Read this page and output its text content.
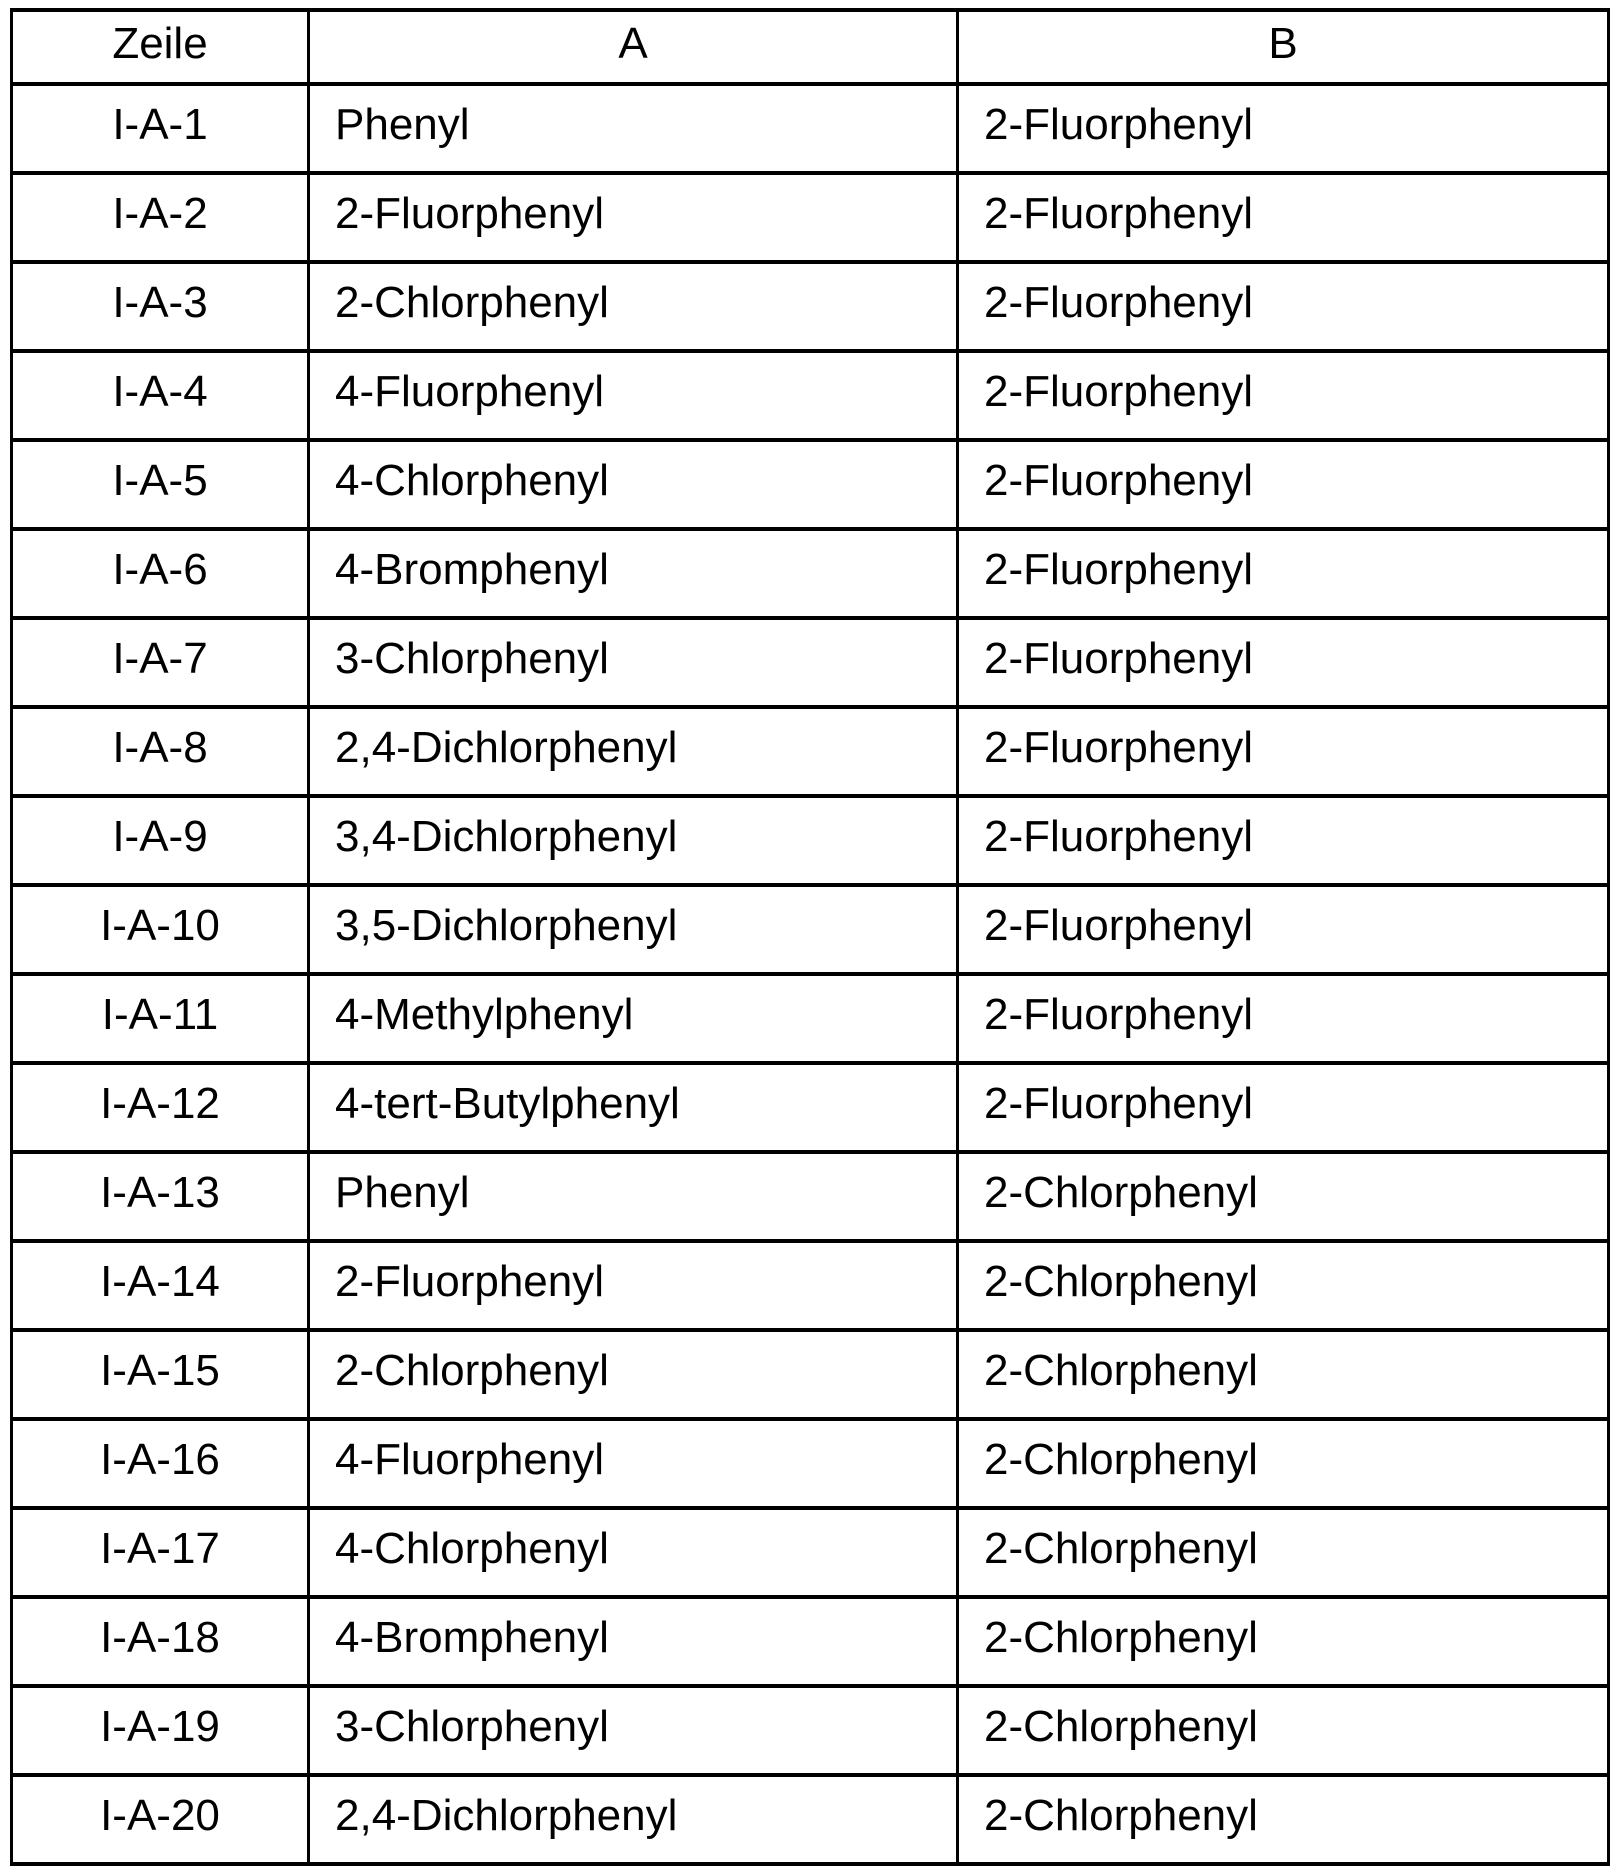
Zeile	A	B
I-A-1	Phenyl	2-Fluorphenyl
I-A-2	2-Fluorphenyl	2-Fluorphenyl
I-A-3	2-Chlorphenyl	2-Fluorphenyl
I-A-4	4-Fluorphenyl	2-Fluorphenyl
I-A-5	4-Chlorphenyl	2-Fluorphenyl
I-A-6	4-Bromphenyl	2-Fluorphenyl
I-A-7	3-Chlorphenyl	2-Fluorphenyl
I-A-8	2,4-Dichlorphenyl	2-Fluorphenyl
I-A-9	3,4-Dichlorphenyl	2-Fluorphenyl
I-A-10	3,5-Dichlorphenyl	2-Fluorphenyl
I-A-11	4-Methylphenyl	2-Fluorphenyl
I-A-12	4-tert-Butylphenyl	2-Fluorphenyl
I-A-13	Phenyl	2-Chlorphenyl
I-A-14	2-Fluorphenyl	2-Chlorphenyl
I-A-15	2-Chlorphenyl	2-Chlorphenyl
I-A-16	4-Fluorphenyl	2-Chlorphenyl
I-A-17	4-Chlorphenyl	2-Chlorphenyl
I-A-18	4-Bromphenyl	2-Chlorphenyl
I-A-19	3-Chlorphenyl	2-Chlorphenyl
I-A-20	2,4-Dichlorphenyl	2-Chlorphenyl
